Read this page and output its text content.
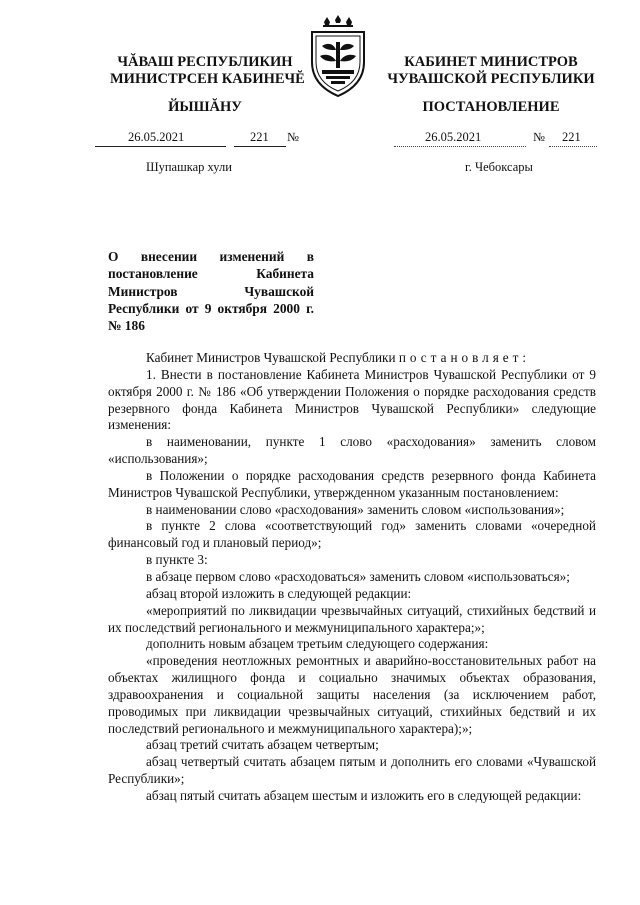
ЧĂВАШ РЕСПУБЛИКИН
МИНИСТРСЕН КАБИНЕЧĔ
ЙЫШĂНУ
КАБИНЕТ МИНИСТРОВ
ЧУВАШСКОЙ РЕСПУБЛИКИ
ПОСТАНОВЛЕНИЕ
26.05.2021	221 №	26.05.2021	№ 221
Шупашкар хули	г. Чебоксары
О внесении изменений в постановление Кабинета Министров Чувашской Республики от 9 октября 2000 г. № 186

Кабинет Министров Чувашской Республики постановляет:

1. Внести в постановление Кабинета Министров Чувашской Республики от 9 октября 2000 г. № 186 «Об утверждении Положения о порядке расходования средств резервного фонда Кабинета Министров Чувашской Республики» следующие изменения:

в наименовании, пункте 1 слово «расходования» заменить словом «использования»;

в Положении о порядке расходования средств резервного фонда Кабинета Министров Чувашской Республики, утвержденном указанным постановлением:

в наименовании слово «расходования» заменить словом «использования»;

в пункте 2 слова «соответствующий год» заменить словами «очередной финансовый год и плановый период»;

в пункте 3:

в абзаце первом слово «расходоваться» заменить словом «использоваться»;

абзац второй изложить в следующей редакции:

«мероприятий по ликвидации чрезвычайных ситуаций, стихийных бедствий и их последствий регионального и межмуниципального характера;»;

дополнить новым абзацем третьим следующего содержания:

«проведения неотложных ремонтных и аварийно-восстановительных работ на объектах жилищного фонда и социально значимых объектах образования, здравоохранения и социальной защиты населения (за исключением работ, проводимых при ликвидации чрезвычайных ситуаций, стихийных бедствий и их последствий регионального и межмуниципального характера);»;

абзац третий считать абзацем четвертым;

абзац четвертый считать абзацем пятым и дополнить его словами «Чувашской Республики»;

абзац пятый считать абзацем шестым и изложить его в следующей редакции:
